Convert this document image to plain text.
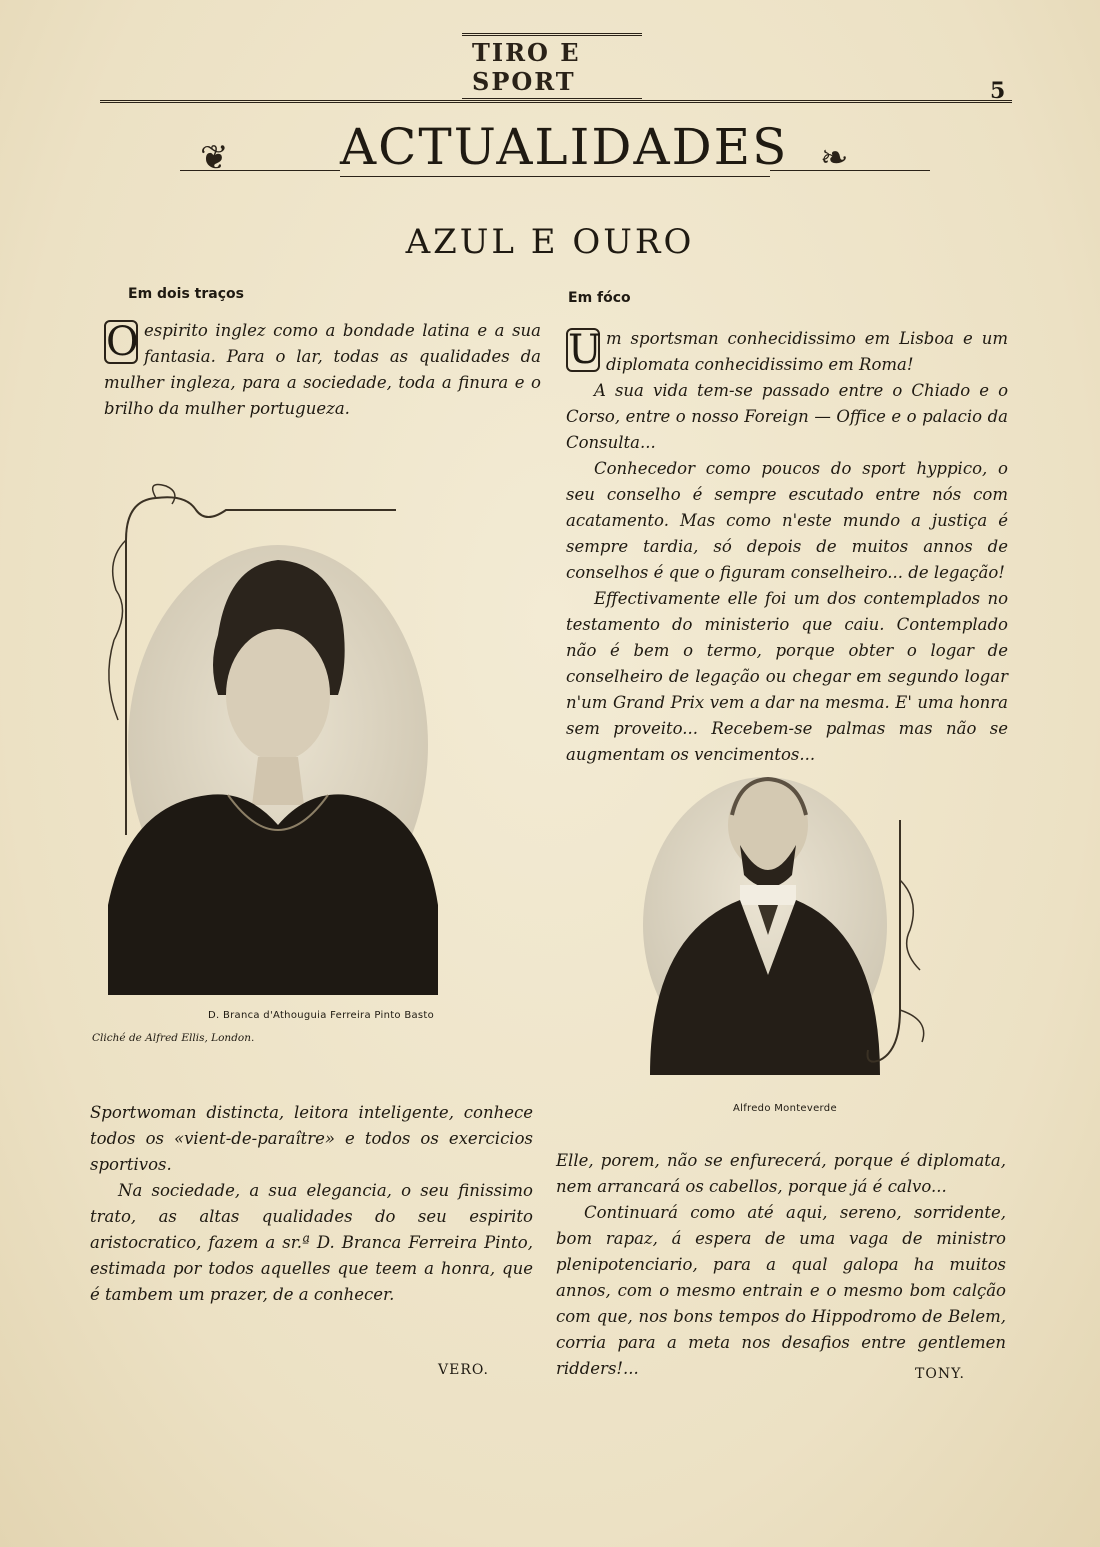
TIRO E SPORT	5
❦ ACTUALIDADES ❧
AZUL E OURO
Em dois traços
O espirito inglez como a bondade latina e a sua fantasia. Para o lar, todas as qualidades da mulher ingleza, para a sociedade, toda a finura e o brilho da mulher portugueza.
D. Branca d'Athouguia Ferreira Pinto Basto
Cliché de Alfred Ellis, London.

Sportwoman distincta, leitora inteligente, conhece todos os «vient-de-paraître» e todos os exercicios sportivos.

Na sociedade, a sua elegancia, o seu finissimo trato, as altas qualidades do seu espirito aristocratico, fazem a sr.ª D. Branca Ferreira Pinto, estimada por todos aquelles que teem a honra, que é tambem um prazer, de a conhecer.

VERO.
Em fóco
U m sportsman conhecidissimo em Lisboa e um diplomata conhecidissimo em Roma!

A sua vida tem-se passado entre o Chiado e o Corso, entre o nosso Foreign — Office e o palacio da Consulta...

Conhecedor como poucos do sport hyppico, o seu conselho é sempre escutado entre nós com acatamento. Mas como n'este mundo a justiça é sempre tardia, só depois de muitos annos de conselhos é que o figuram conselheiro... de legação!

Effectivamente elle foi um dos contemplados no testamento do ministerio que caiu. Contemplado não é bem o termo, porque obter o logar de conselheiro de legação ou chegar em segundo logar n'um Grand Prix vem a dar na mesma. E' uma honra sem proveito... Recebem-se palmas mas não se augmentam os vencimentos...

Alfredo Monteverde

Elle, porem, não se enfurecerá, porque é diplomata, nem arrancará os cabellos, porque já é calvo...

Continuará como até aqui, sereno, sorridente, bom rapaz, á espera de uma vaga de ministro plenipotenciario, para a qual galopa ha muitos annos, com o mesmo entrain e o mesmo bom calção com que, nos bons tempos do Hippodromo de Belem, corria para a meta nos desafios entre gentlemen ridders!...	TONY.
